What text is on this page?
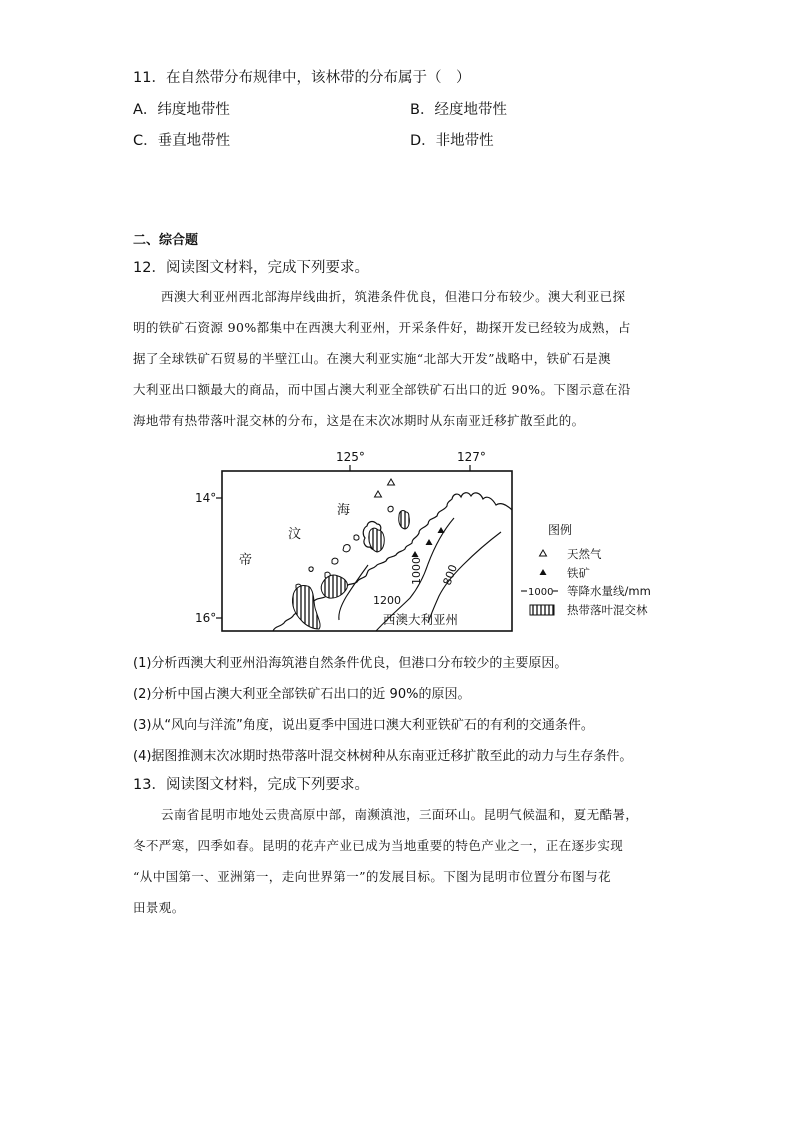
11．在自然带分布规律中，该林带的分布属于（　）
A．纬度地带性	B．经度地带性
C．垂直地带性	D．非地带性
二、综合题
12．阅读图文材料，完成下列要求。
西澳大利亚州西北部海岸线曲折，筑港条件优良，但港口分布较少。澳大利亚已探
明的铁矿石资源 90%都集中在西澳大利亚州，开采条件好，勘探开发已经较为成熟，占
据了全球铁矿石贸易的半壁江山。在澳大利亚实施“北部大开发”战略中，铁矿石是澳
大利亚出口额最大的商品，而中国占澳大利亚全部铁矿石出口的近 90%。下图示意在沿
海地带有热带落叶混交林的分布，这是在末次冰期时从东南亚迁移扩散至此的。
125°	127°
14°
16°
1200
1000 800
汶
海
帝
西澳大利亚州
图例
天然气
铁矿
1000 等降水量线/mm
热带落叶混交林
(1)分析西澳大利亚州沿海筑港自然条件优良，但港口分布较少的主要原因。
(2)分析中国占澳大利亚全部铁矿石出口的近 90%的原因。
(3)从“风向与洋流”角度，说出夏季中国进口澳大利亚铁矿石的有利的交通条件。
(4)据图推测末次冰期时热带落叶混交林树种从东南亚迁移扩散至此的动力与生存条件。
13．阅读图文材料，完成下列要求。
云南省昆明市地处云贵高原中部，南濒滇池，三面环山。昆明气候温和，夏无酷暑，
冬不严寒，四季如春。昆明的花卉产业已成为当地重要的特色产业之一，正在逐步实现
“从中国第一、亚洲第一，走向世界第一”的发展目标。下图为昆明市位置分布图与花
田景观。
